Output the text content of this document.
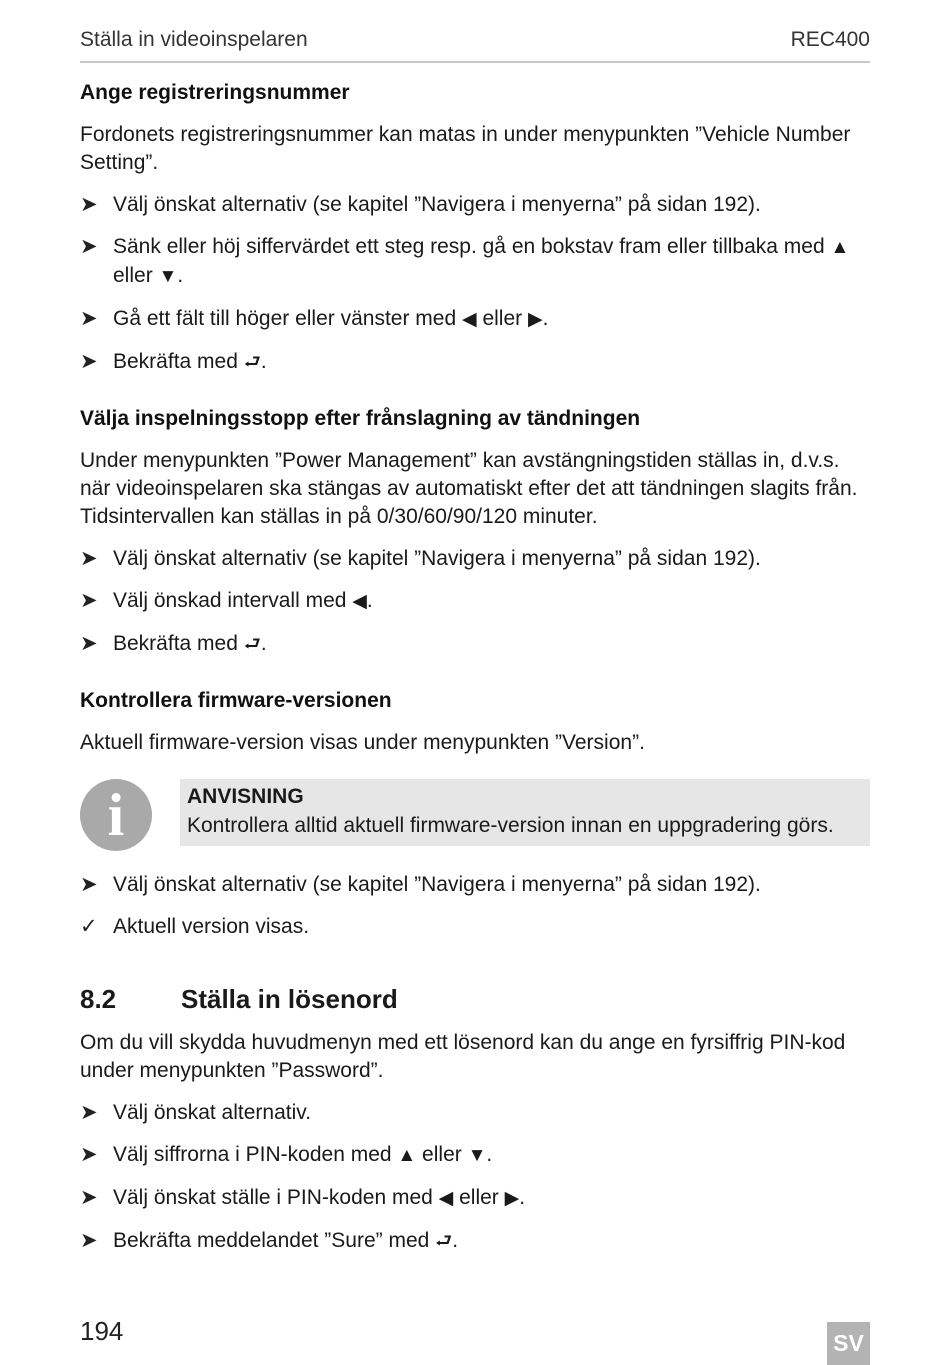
Ställa in videoinspelaren	REC400
Ange registreringsnummer

Fordonets registreringsnummer kan matas in under menypunkten ”Vehicle Number Setting”.

➤ Välj önskat alternativ (se kapitel ”Navigera i menyerna” på sidan 192).
➤ Sänk eller höj siffervärdet ett steg resp. gå en bokstav fram eller tillbaka med ▲ eller ▼.
➤ Gå ett fält till höger eller vänster med ◀ eller ▶.
➤ Bekräfta med ⮐.
Välja inspelningsstopp efter frånslagning av tändningen

Under menypunkten ”Power Management” kan avstängningstiden ställas in, d.v.s. när videoinspelaren ska stängas av automatiskt efter det att tändningen slagits från. Tidsintervallen kan ställas in på 0/30/60/90/120 minuter.

➤ Välj önskat alternativ (se kapitel ”Navigera i menyerna” på sidan 192).
➤ Välj önskad intervall med ◀.
➤ Bekräfta med ⮐.
Kontrollera firmware-versionen

Aktuell firmware-version visas under menypunkten ”Version”.

i	ANVISNING
Kontrollera alltid aktuell firmware-version innan en uppgradering görs.
➤ Välj önskat alternativ (se kapitel ”Navigera i menyerna” på sidan 192).
✓ Aktuell version visas.
8.2	Ställa in lösenord

Om du vill skydda huvudmenyn med ett lösenord kan du ange en fyrsiffrig PIN-kod under menypunkten ”Password”.

➤ Välj önskat alternativ.
➤ Välj siffrorna i PIN-koden med ▲ eller ▼.
➤ Välj önskat ställe i PIN-koden med ◀ eller ▶.
➤ Bekräfta meddelandet ”Sure” med ⮐.
194	SV
